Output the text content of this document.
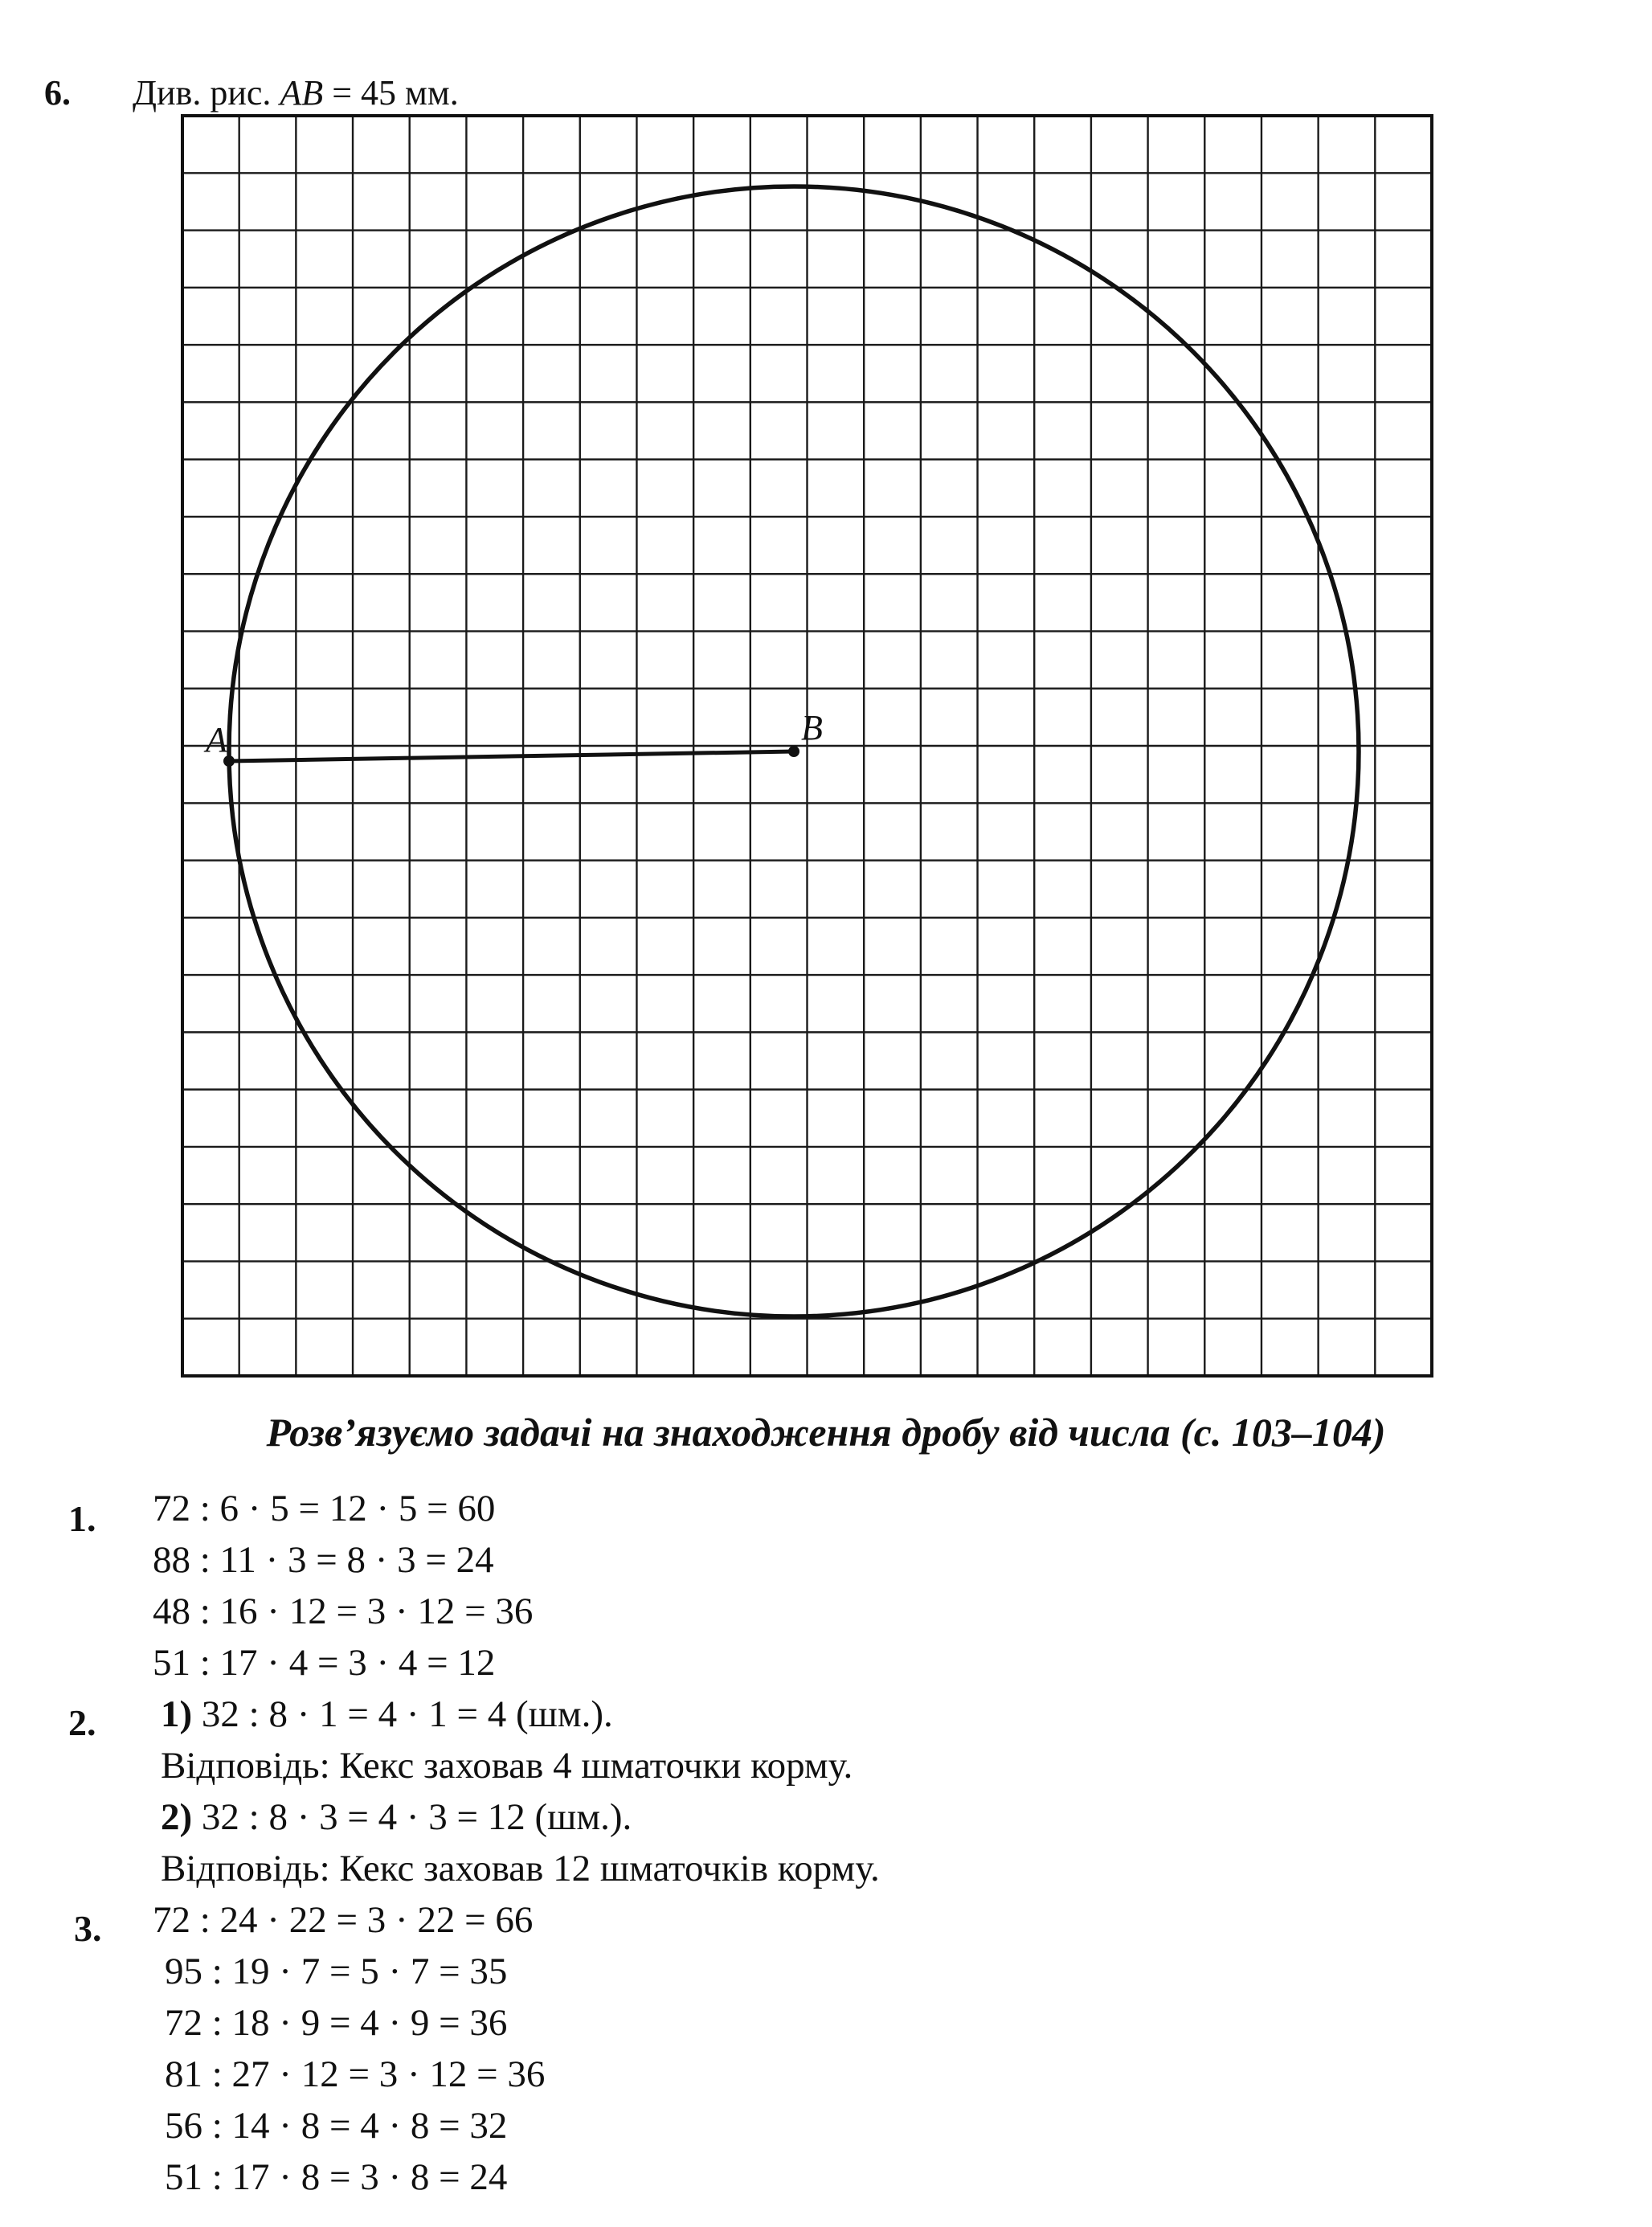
6. Див. рис. AB = 45 мм.
A	B
Розв’язуємо задачі на знаходження дробу від числа (с. 103–104)
1. 72 : 6 · 5 = 12 · 5 = 60
88 : 11 · 3 = 8 · 3 = 24
48 : 16 · 12 = 3 · 12 = 36
51 : 17 · 4 = 3 · 4 = 12
2. 1) 32 : 8 · 1 = 4 · 1 = 4 (шм.).
Відповідь: Кекс заховав 4 шматочки корму.
2) 32 : 8 · 3 = 4 · 3 = 12 (шм.).
Відповідь: Кекс заховав 12 шматочків корму.
3. 72 : 24 · 22 = 3 · 22 = 66
95 : 19 · 7 = 5 · 7 = 35
72 : 18 · 9 = 4 · 9 = 36
81 : 27 · 12 = 3 · 12 = 36
56 : 14 · 8 = 4 · 8 = 32
51 : 17 · 8 = 3 · 8 = 24
